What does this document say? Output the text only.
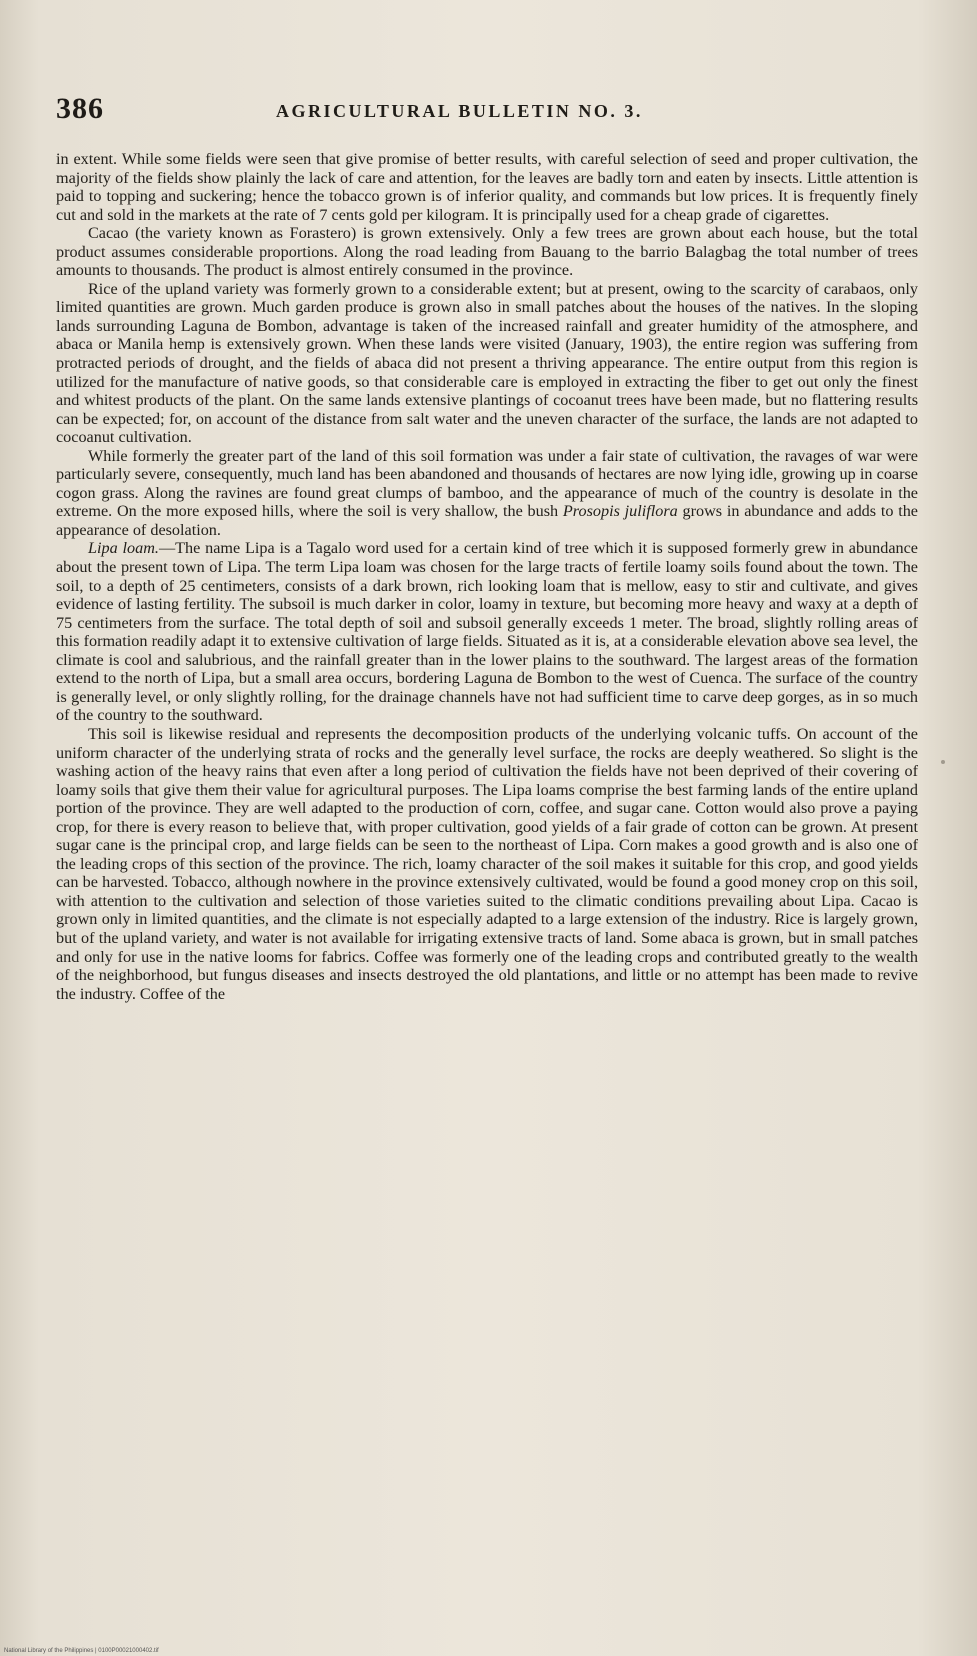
386	AGRICULTURAL BULLETIN NO. 3.

in extent. While some fields were seen that give promise of better results, with careful selection of seed and proper cultivation, the majority of the fields show plainly the lack of care and attention, for the leaves are badly torn and eaten by insects. Little attention is paid to topping and suckering; hence the tobacco grown is of inferior quality, and commands but low prices. It is frequently finely cut and sold in the markets at the rate of 7 cents gold per kilogram. It is principally used for a cheap grade of cigarettes.

Cacao (the variety known as Forastero) is grown extensively. Only a few trees are grown about each house, but the total product assumes considerable proportions. Along the road leading from Bauang to the barrio Balagbag the total number of trees amounts to thousands. The product is almost entirely consumed in the province.

Rice of the upland variety was formerly grown to a considerable extent; but at present, owing to the scarcity of carabaos, only limited quantities are grown. Much garden produce is grown also in small patches about the houses of the natives. In the sloping lands surrounding Laguna de Bombon, advantage is taken of the increased rainfall and greater humidity of the atmosphere, and abaca or Manila hemp is extensively grown. When these lands were visited (January, 1903), the entire region was suffering from protracted periods of drought, and the fields of abaca did not present a thriving appearance. The entire output from this region is utilized for the manufacture of native goods, so that considerable care is employed in extracting the fiber to get out only the finest and whitest products of the plant. On the same lands extensive plantings of cocoanut trees have been made, but no flattering results can be expected; for, on account of the distance from salt water and the uneven character of the surface, the lands are not adapted to cocoanut cultivation.

While formerly the greater part of the land of this soil formation was under a fair state of cultivation, the ravages of war were particularly severe, consequently, much land has been abandoned and thousands of hectares are now lying idle, growing up in coarse cogon grass. Along the ravines are found great clumps of bamboo, and the appearance of much of the country is desolate in the extreme. On the more exposed hills, where the soil is very shallow, the bush Prosopis juliflora grows in abundance and adds to the appearance of desolation.

Lipa loam.—The name Lipa is a Tagalo word used for a certain kind of tree which it is supposed formerly grew in abundance about the present town of Lipa. The term Lipa loam was chosen for the large tracts of fertile loamy soils found about the town. The soil, to a depth of 25 centimeters, consists of a dark brown, rich looking loam that is mellow, easy to stir and cultivate, and gives evidence of lasting fertility. The subsoil is much darker in color, loamy in texture, but becoming more heavy and waxy at a depth of 75 centimeters from the surface. The total depth of soil and subsoil generally exceeds 1 meter. The broad, slightly rolling areas of this formation readily adapt it to extensive cultivation of large fields. Situated as it is, at a considerable elevation above sea level, the climate is cool and salubrious, and the rainfall greater than in the lower plains to the southward. The largest areas of the formation extend to the north of Lipa, but a small area occurs, bordering Laguna de Bombon to the west of Cuenca. The surface of the country is generally level, or only slightly rolling, for the drainage channels have not had sufficient time to carve deep gorges, as in so much of the country to the southward.

This soil is likewise residual and represents the decomposition products of the underlying volcanic tuffs. On account of the uniform character of the underlying strata of rocks and the generally level surface, the rocks are deeply weathered. So slight is the washing action of the heavy rains that even after a long period of cultivation the fields have not been deprived of their covering of loamy soils that give them their value for agricultural purposes. The Lipa loams comprise the best farming lands of the entire upland portion of the province. They are well adapted to the production of corn, coffee, and sugar cane. Cotton would also prove a paying crop, for there is every reason to believe that, with proper cultivation, good yields of a fair grade of cotton can be grown. At present sugar cane is the principal crop, and large fields can be seen to the northeast of Lipa. Corn makes a good growth and is also one of the leading crops of this section of the province. The rich, loamy character of the soil makes it suitable for this crop, and good yields can be harvested. Tobacco, although nowhere in the province extensively cultivated, would be found a good money crop on this soil, with attention to the cultivation and selection of those varieties suited to the climatic conditions prevailing about Lipa. Cacao is grown only in limited quantities, and the climate is not especially adapted to a large extension of the industry. Rice is largely grown, but of the upland variety, and water is not available for irrigating extensive tracts of land. Some abaca is grown, but in small patches and only for use in the native looms for fabrics. Coffee was formerly one of the leading crops and contributed greatly to the wealth of the neighborhood, but fungus diseases and insects destroyed the old plantations, and little or no attempt has been made to revive the industry. Coffee of the

National Library of the Philippines | 0100P00021000402.tif
